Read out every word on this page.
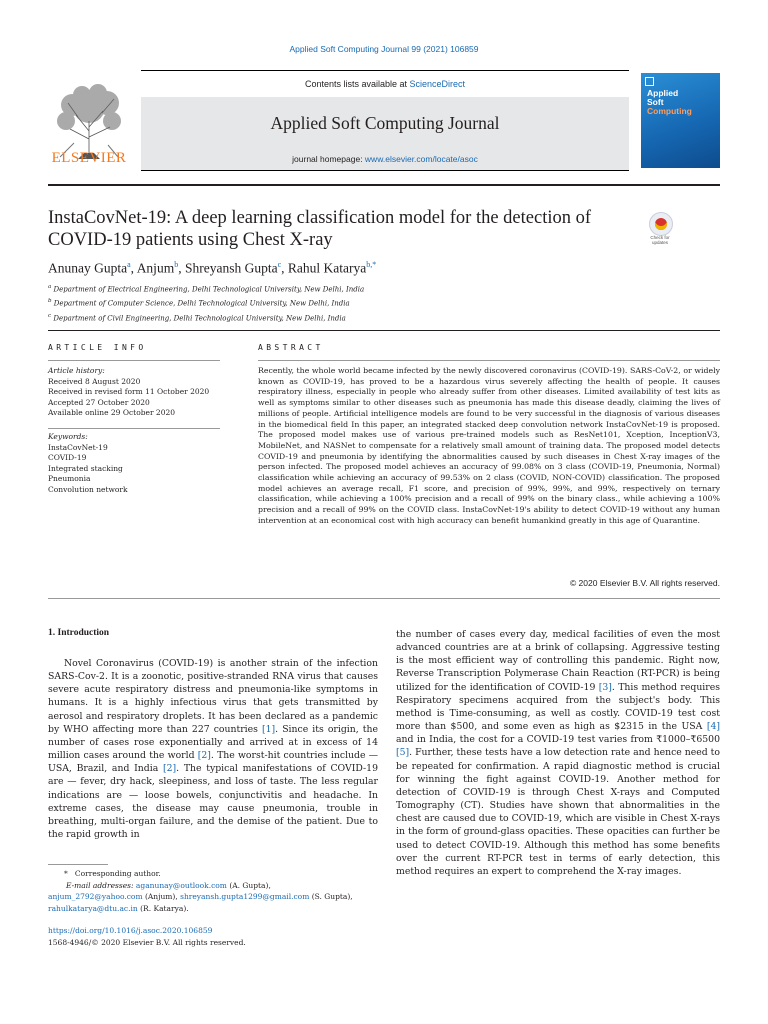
Applied Soft Computing Journal 99 (2021) 106859
ELSEVIER
Contents lists available at ScienceDirect
Applied Soft Computing Journal
journal homepage: www.elsevier.com/locate/asoc
Applied
Soft
Computing
InstaCovNet-19: A deep learning classification model for the detection of COVID-19 patients using Chest X-ray	Check for updates
Anunay Gupta$^a$, Anjum$^b$, Shreyansh Gupta$^c$, Rahul Katarya$^{b,*}$
$^a$ Department of Electrical Engineering, Delhi Technological University, New Delhi, India
$^b$ Department of Computer Science, Delhi Technological University, New Delhi, India
$^c$ Department of Civil Engineering, Delhi Technological University, New Delhi, India
ARTICLE INFO
Article history:
Received 8 August 2020
Received in revised form 11 October 2020
Accepted 27 October 2020
Available online 29 October 2020
Keywords:
InstaCovNet-19
COVID-19
Integrated stacking
Pneumonia
Convolution network
ABSTRACT
Recently, the whole world became infected by the newly discovered coronavirus (COVID-19). SARS-CoV-2, or widely known as COVID-19, has proved to be a hazardous virus severely affecting the health of people. It causes respiratory illness, especially in people who already suffer from other diseases. Limited availability of test kits as well as symptoms similar to other diseases such as pneumonia has made this disease deadly, claiming the lives of millions of people. Artificial intelligence models are found to be very successful in the diagnosis of various diseases in the biomedical field In this paper, an integrated stacked deep convolution network InstaCovNet-19 is proposed. The proposed model makes use of various pre-trained models such as ResNet101, Xception, InceptionV3, MobileNet, and NASNet to compensate for a relatively small amount of training data. The proposed model detects COVID-19 and pneumonia by identifying the abnormalities caused by such diseases in Chest X-ray images of the person infected. The proposed model achieves an accuracy of 99.08% on 3 class (COVID-19, Pneumonia, Normal) classification while achieving an accuracy of 99.53% on 2 class (COVID, NON-COVID) classification. The proposed model achieves an average recall, F1 score, and precision of 99%, 99%, and 99%, respectively on ternary classification, while achieving a 100% precision and a recall of 99% on the binary class., while achieving a 100% precision and a recall of 99% on the COVID class. InstaCovNet-19's ability to detect COVID-19 without any human intervention at an economical cost with high accuracy can benefit humankind greatly in this age of Quarantine.
© 2020 Elsevier B.V. All rights reserved.
1. Introduction

Novel Coronavirus (COVID-19) is another strain of the infection SARS-Cov-2. It is a zoonotic, positive-stranded RNA virus that causes severe acute respiratory distress and pneumonia-like symptoms in humans. It is a highly infectious virus that gets transmitted by aerosol and respiratory droplets. It has been declared as a pandemic by WHO affecting more than 227 countries [1]. Since its origin, the number of cases rose exponentially and arrived at in excess of 14 million cases around the world [2]. The worst-hit countries include — USA, Brazil, and India [2]. The typical manifestations of COVID-19 are — fever, dry hack, sleepiness, and loss of taste. The less regular indications are — loose bowels, conjunctivitis and headache. In extreme cases, the disease may cause pneumonia, trouble in breathing, multi-organ failure, and the demise of the patient. Due to the rapid growth in

the number of cases every day, medical facilities of even the most advanced countries are at a brink of collapsing. Aggressive testing is the most efficient way of controlling this pandemic. Right now, Reverse Transcription Polymerase Chain Reaction (RT-PCR) is being utilized for the identification of COVID-19 [3]. This method requires Respiratory specimens acquired from the subject's body. This method is Time-consuming, as well as costly. COVID-19 test cost more than $500, and some even as high as $2315 in the USA [4] and in India, the cost for a COVID-19 test varies from ₹1000–₹6500 [5]. Further, these tests have a low detection rate and hence need to be repeated for confirmation. A rapid diagnostic method is crucial for winning the fight against COVID-19. Another method for detection of COVID-19 is through Chest X-rays and Computed Tomography (CT). Studies have shown that abnormalities in the chest are caused due to COVID-19, which are visible in Chest X-rays in the form of ground-glass opacities. These opacities can further be used to detect COVID-19. Although this method has some benefits over the current RT-PCR test in terms of early detection, this method requires an expert to comprehend the X-ray images.

* Corresponding author.
E-mail addresses: aganunay@outlook.com (A. Gupta),
anjum_2792@yahoo.com (Anjum), shreyansh.gupta1299@gmail.com (S. Gupta),
rahulkatarya@dtu.ac.in (R. Katarya).
https://doi.org/10.1016/j.asoc.2020.106859
1568-4946/© 2020 Elsevier B.V. All rights reserved.
